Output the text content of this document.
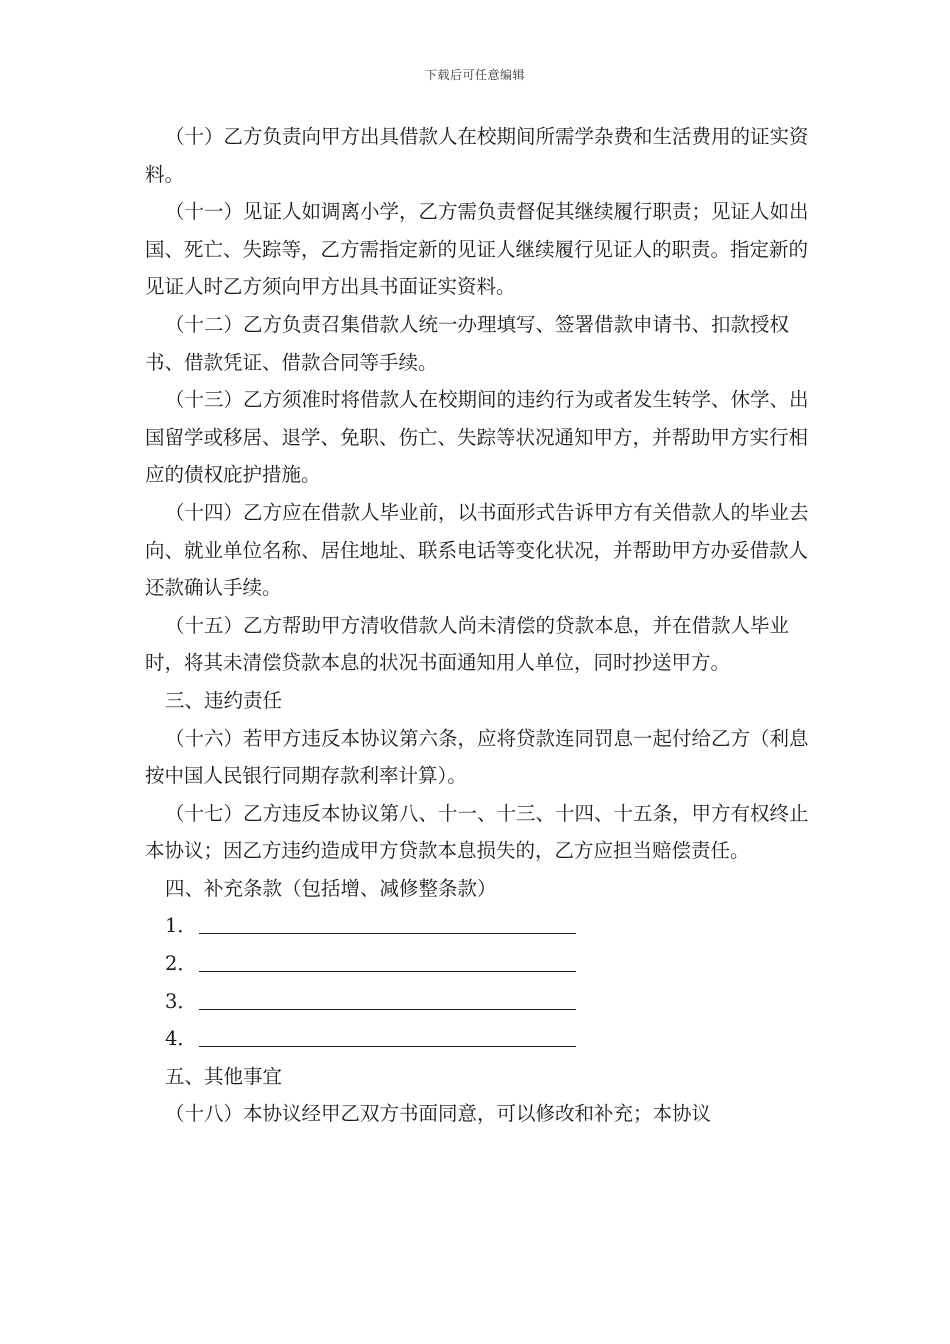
下载后可任意编辑

（十）乙方负责向甲方出具借款人在校期间所需学杂费和生活费用的证实资料。

（十一）见证人如调离小学，乙方需负责督促其继续履行职责；见证人如出国、死亡、失踪等，乙方需指定新的见证人继续履行见证人的职责。指定新的见证人时乙方须向甲方出具书面证实资料。

（十二）乙方负责召集借款人统一办理填写、签署借款申请书、扣款授权书、借款凭证、借款合同等手续。

（十三）乙方须准时将借款人在校期间的违约行为或者发生转学、休学、出国留学或移居、退学、免职、伤亡、失踪等状况通知甲方，并帮助甲方实行相应的债权庇护措施。

（十四）乙方应在借款人毕业前，以书面形式告诉甲方有关借款人的毕业去向、就业单位名称、居住地址、联系电话等变化状况，并帮助甲方办妥借款人还款确认手续。

（十五）乙方帮助甲方清收借款人尚未清偿的贷款本息，并在借款人毕业时，将其未清偿贷款本息的状况书面通知用人单位，同时抄送甲方。

三、违约责任

（十六）若甲方违反本协议第六条，应将贷款连同罚息一起付给乙方（利息按中国人民银行同期存款利率计算）。

（十七）乙方违反本协议第八、十一、十三、十四、十五条，甲方有权终止本协议；因乙方违约造成甲方贷款本息损失的，乙方应担当赔偿责任。

四、补充条款（包括增、减修整条款）

1．
2．
3．
4．

五、其他事宜

（十八）本协议经甲乙双方书面同意，可以修改和补充；本协议
